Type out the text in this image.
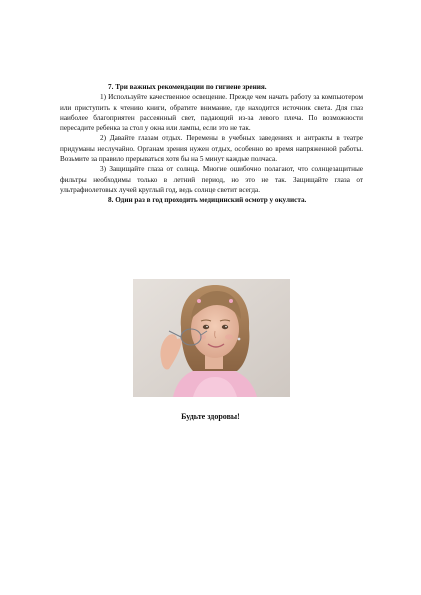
7. Три важных рекомендации по гигиене зрения.

1) Используйте качественное освещение. Прежде чем начать работу за компьютером или приступить к чтению книги, обратите внимание, где находится источник света. Для глаз наиболее благоприятен рассеянный свет, падающий из-за левого плеча. По возможности пересадите ребенка за стол у окна или лампы, если это не так.

2) Давайте глазам отдых. Перемены в учебных заведениях и антракты в театре придуманы неслучайно. Органам зрения нужен отдых, особенно во время напряженной работы. Возьмите за правило прерываться хотя бы на 5 минут каждые полчаса.

3) Защищайте глаза от солнца. Многие ошибочно полагают, что солнцезащитные фильтры необходимы только в летний период, но это не так. Защищайте глаза от ультрафиолетовых лучей круглый год, ведь солнце светит всегда.

8. Один раз в год проходить медицинский осмотр у окулиста.

Будьте здоровы!
